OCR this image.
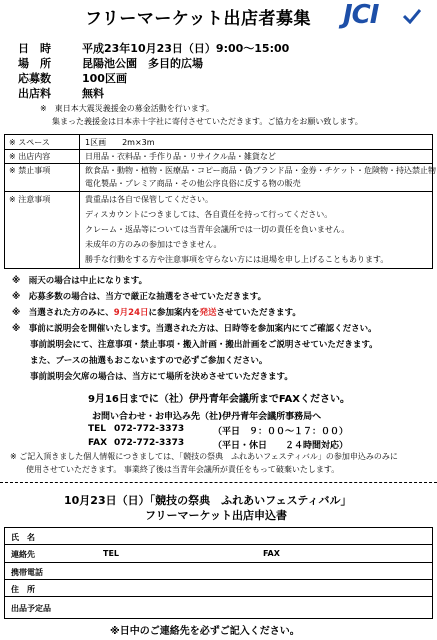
フリーマーケット出店者募集 JCI
日　時	平成23年10月23日（日）9:00～15:00
場　所	昆陽池公園　多目的広場
応募数	100区画
出店料	無料
※　東日本大震災義援金の募金活動を行います。
集まった義援金は日本赤十字社に寄付させていただきます。ご協力をお願い致します。
※ スペース	1区画　　2m×3m
※ 出店内容	日用品・衣料品・手作り品・リサイクル品・雑貨など
※ 禁止事項	飲食品・動物・植物・医療品・コピー商品・偽ブランド品・金券・チケット・危険物・持込禁止物
電化製品・プレミア商品・その他公序良俗に反する物の販売
※ 注意事項	貴重品は各自で保管してください。
ディスカウントにつきましては、各自責任を持って行ってください。
クレーム・返品等については当青年会議所では一切の責任を負いません。
未成年の方のみの参加はできません。
勝手な行動をする方や注意事項を守らない方には退場を申し上げることもあります。
※　雨天の場合は中止になります。
※　応募多数の場合は、当方で厳正な抽選をさせていただきます。
※　当選された方のみに、9月24日に参加案内を発送させていただきます。
※　事前に説明会を開催いたします。当選された方は、日時等を参加案内にてご確認ください。
事前説明会にて、注意事項・禁止事項・搬入計画・搬出計画をご説明させていただきます。
また、ブースの抽選もおこないますので必ずご参加ください。
事前説明会欠席の場合は、当方にて場所を決めさせていただきます。
9月16日までに（社）伊丹青年会議所までFAXください。
お問い合わせ・お申込み先（社)伊丹青年会議所事務局へ
TEL 072-772-3373	（平日　９：００～１７：００）
FAX 072-772-3373	（平日・休日　　２４時間対応）
※ ご記入頂きました個人情報につきましては、「競技の祭典　ふれあいフェスティバル」の参加申込みのみに
使用させていただきます。 事業終了後は当青年会議所が責任をもって破棄いたします。
10月23日（日）「競技の祭典　ふれあいフェスティバル」
フリーマーケット出店申込書
氏　名
連絡先	TEL	FAX
携帯電話
住　所
出品予定品
※日中のご連絡先を必ずご記入ください。
